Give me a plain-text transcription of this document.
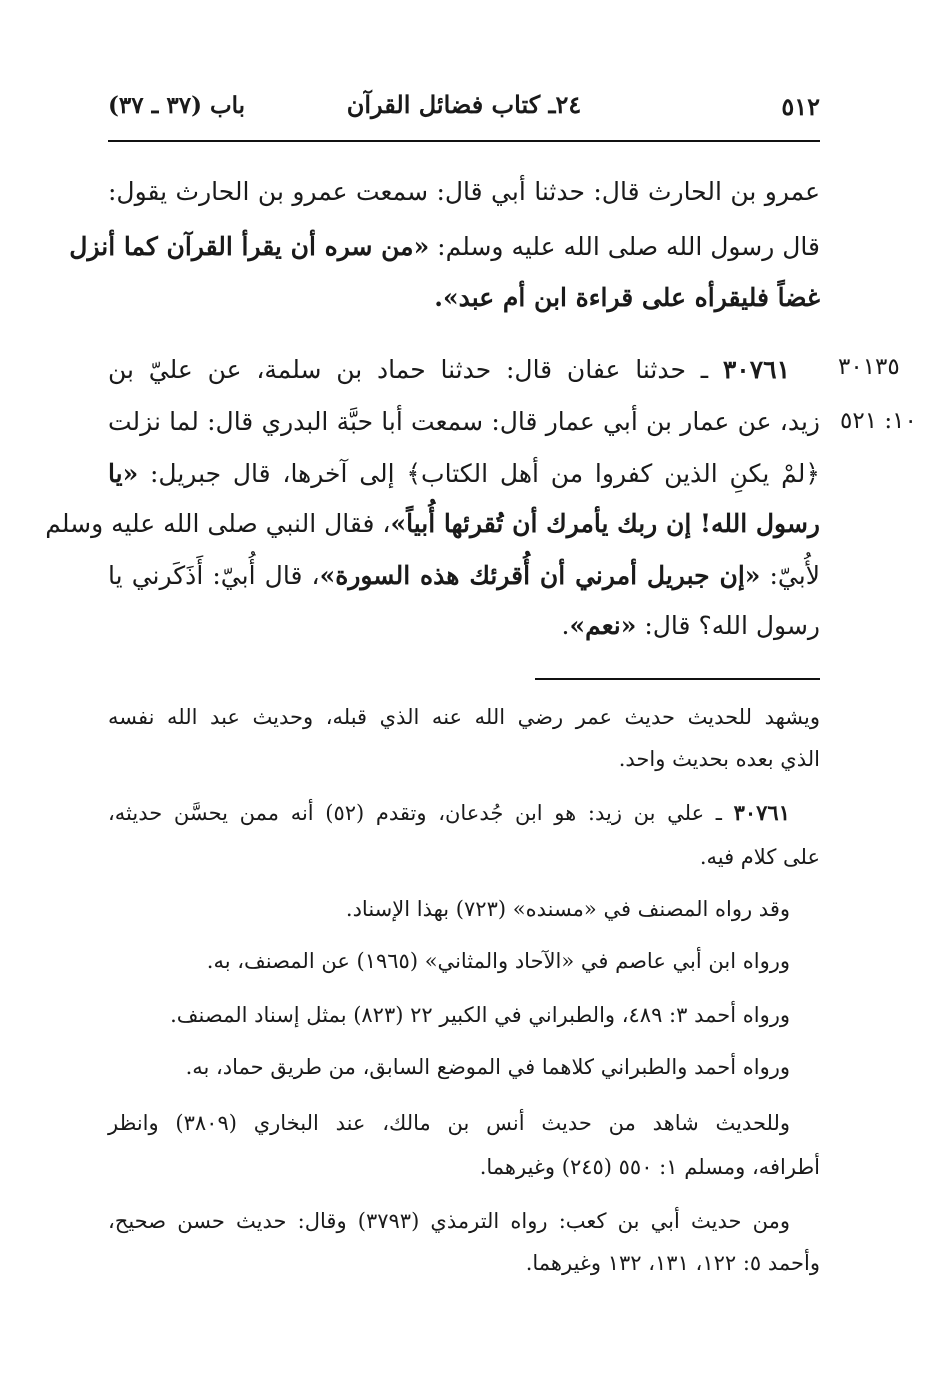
٥١٢
٢٤ـ كتاب فضائل القرآن
باب (٣٧ ـ ٣٧)
عمرو بن الحارث قال: حدثنا أبي قال: سمعت عمرو بن الحارث يقول:
قال رسول الله صلى الله عليه وسلم: «من سره أن يقرأ القرآن كما أنزل
غضاً فليقرأه على قراءة ابن أم عبد».
٣٠١٣٥
١٠: ٥٢١
٣٠٧٦١ ـ حدثنا عفان قال: حدثنا حماد بن سلمة، عن عليّ بن
زيد، عن عمار بن أبي عمار قال: سمعت أبا حبَّة البدري قال: لما نزلت
﴿لمْ يكنِ الذين كفروا من أهل الكتاب﴾ إلى آخرها، قال جبريل: «يا
رسول الله! إن ربك يأمرك أن تُقرئها أُبياً»، فقال النبي صلى الله عليه وسلم
لأُبيّ: «إن جبريل أمرني أن أُقرئك هذه السورة»، قال أُبيّ: أَذَكَرني يا
رسول الله؟ قال: «نعم».
ويشهد للحديث حديث عمر رضي الله عنه الذي قبله، وحديث عبد الله نفسه
الذي بعده بحديث واحد.
٣٠٧٦١ ـ علي بن زيد: هو ابن جُدعان، وتقدم (٥٢) أنه ممن يحسَّن حديثه،
على كلام فيه.
وقد رواه المصنف في «مسنده» (٧٢٣) بهذا الإسناد.
ورواه ابن أبي عاصم في «الآحاد والمثاني» (١٩٦٥) عن المصنف، به.
ورواه أحمد ٣: ٤٨٩، والطبراني في الكبير ٢٢ (٨٢٣) بمثل إسناد المصنف.
ورواه أحمد والطبراني كلاهما في الموضع السابق، من طريق حماد، به.
وللحديث شاهد من حديث أنس بن مالك، عند البخاري (٣٨٠٩) وانظر
أطرافه، ومسلم ١: ٥٥٠ (٢٤٥) وغيرهما.
ومن حديث أبي بن كعب: رواه الترمذي (٣٧٩٣) وقال: حديث حسن صحيح،
وأحمد ٥: ١٢٢، ١٣١، ١٣٢ وغيرهما.
